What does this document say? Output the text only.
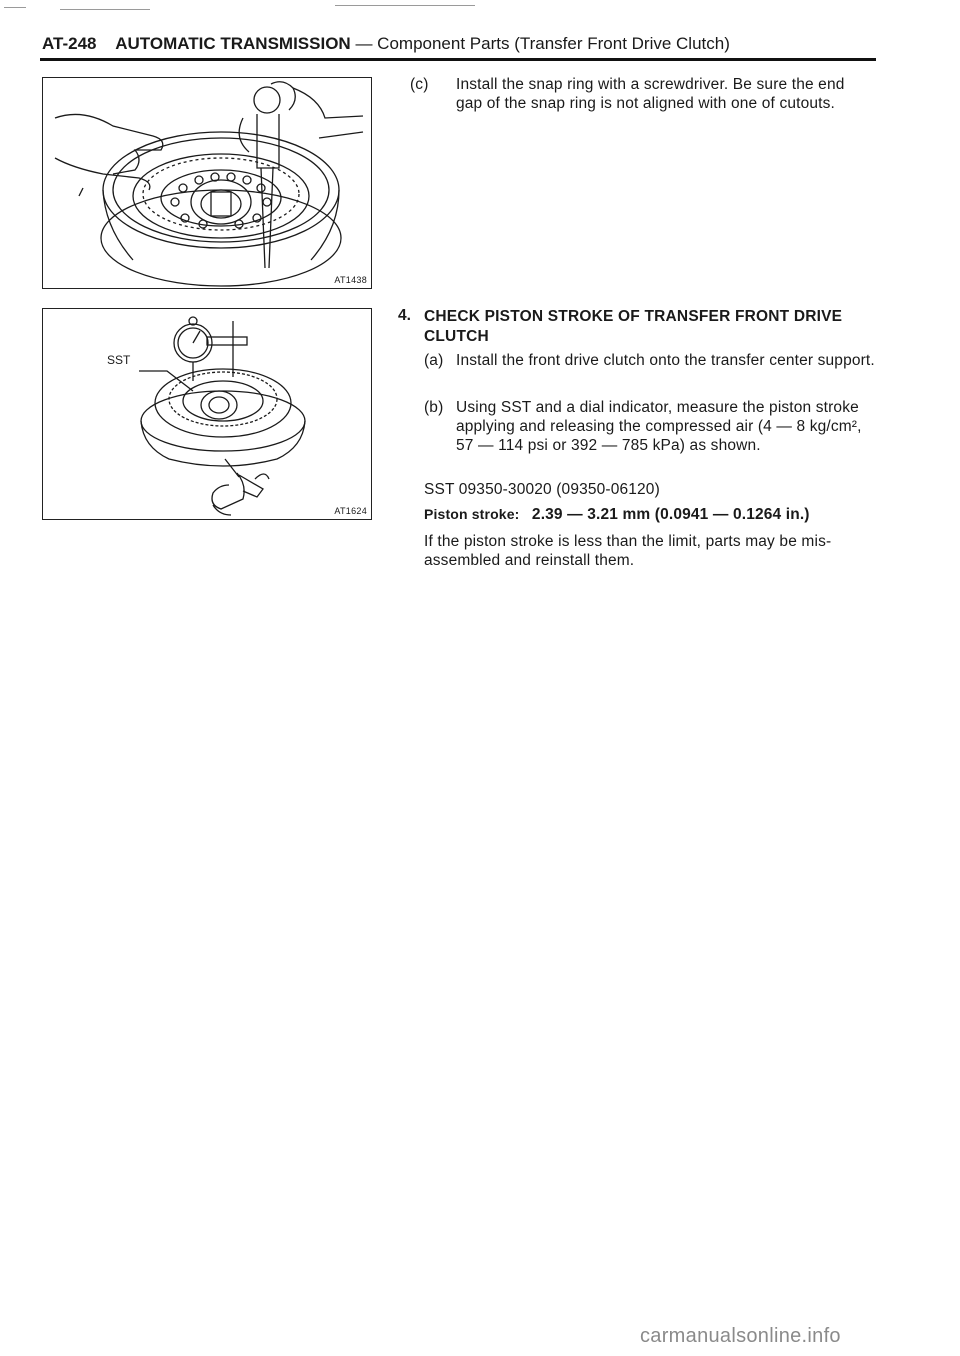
AT-248 AUTOMATIC TRANSMISSION — Component Parts (Transfer Front Drive Clutch)
AT1438
SST
AT1624
(c) Install the snap ring with a screwdriver. Be sure the end gap of the snap ring is not aligned with one of cutouts.
4. CHECK PISTON STROKE OF TRANSFER FRONT DRIVE CLUTCH
(a) Install the front drive clutch onto the transfer center support.
(b) Using SST and a dial indicator, measure the piston stroke applying and releasing the compressed air (4 — 8 kg/cm², 57 — 114 psi or 392 — 785 kPa) as shown.
SST 09350-30020 (09350-06120)
Piston stroke: 2.39 — 3.21 mm (0.0941 — 0.1264 in.)
If the piston stroke is less than the limit, parts may be mis-assembled and reinstall them.
carmanualsonline.info
